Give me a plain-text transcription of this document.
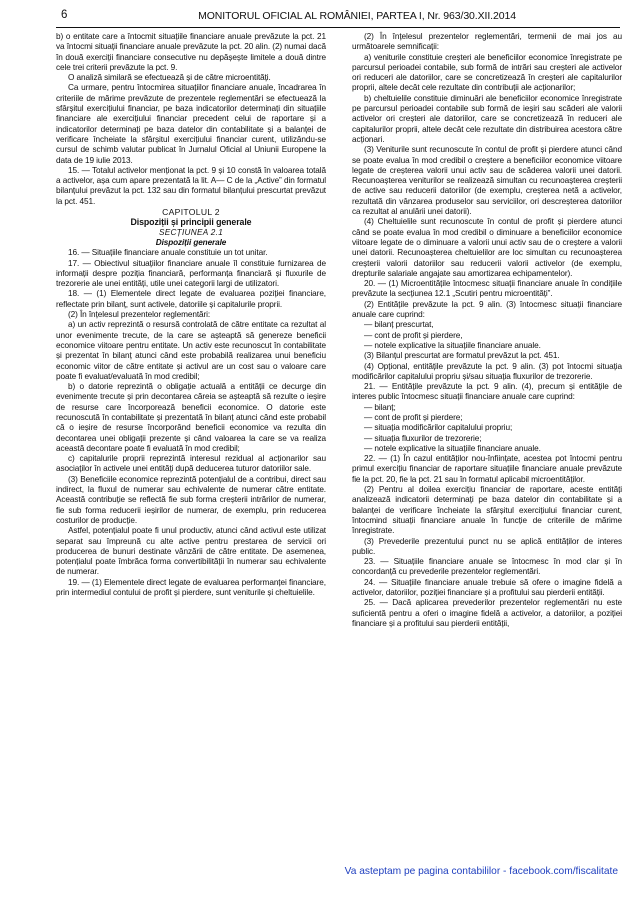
6	MONITORUL OFICIAL AL ROMÂNIEI, PARTEA I, Nr. 963/30.XII.2014

b) o entitate care a întocmit situațiile financiare anuale prevăzute la pct. 21 va întocmi situații financiare anuale prevăzute la pct. 20 alin. (2) numai dacă în două exerciții financiare consecutive nu depășește limitele a două dintre cele trei criterii prevăzute la pct. 9.

O analiză similară se efectuează și de către microentități.

Ca urmare, pentru întocmirea situațiilor financiare anuale, încadrarea în criteriile de mărime prevăzute de prezentele reglementări se efectuează la sfârșitul exercițiului financiar, pe baza indicatorilor determinați din situațiile financiare ale exercițiului financiar precedent celui de raportare și a indicatorilor determinați pe baza datelor din contabilitate și a balanței de verificare încheiate la sfârșitul exercițiului financiar curent, utilizându-se cursul de schimb valutar publicat în Jurnalul Oficial al Uniunii Europene la data de 19 iulie 2013.

15. — Totalul activelor menționat la pct. 9 și 10 constă în valoarea totală a activelor, așa cum apare prezentată la lit. A— C de la „Active” din formatul bilanțului prevăzut la pct. 132 sau din formatul bilanțului prescurtat prevăzut la pct. 451.

CAPITOLUL 2

Dispoziții și principii generale

SECȚIUNEA 2.1

Dispoziții generale

16. — Situațiile financiare anuale constituie un tot unitar.

17. — Obiectivul situațiilor financiare anuale îl constituie furnizarea de informații despre poziția financiară, performanța financiară și fluxurile de trezorerie ale unei entități, utile unei categorii largi de utilizatori.

18. — (1) Elementele direct legate de evaluarea poziției financiare, reflectate prin bilanț, sunt activele, datoriile și capitalurile proprii.

(2) În înțelesul prezentelor reglementări:

a) un activ reprezintă o resursă controlată de către entitate ca rezultat al unor evenimente trecute, de la care se așteaptă să genereze beneficii economice viitoare pentru entitate. Un activ este recunoscut în contabilitate și prezentat în bilanț atunci când este probabilă realizarea unui beneficiu economic viitor de către entitate și activul are un cost sau o valoare care poate fi evaluat/evaluată în mod credibil;

b) o datorie reprezintă o obligație actuală a entității ce decurge din evenimente trecute și prin decontarea căreia se așteaptă să rezulte o ieșire de resurse care încorporează beneficii economice. O datorie este recunoscută în contabilitate și prezentată în bilanț atunci când este probabil că o ieșire de resurse încorporând beneficii economice va rezulta din decontarea unei obligații prezente și când valoarea la care se va realiza această decontare poate fi evaluată în mod credibil;

c) capitalurile proprii reprezintă interesul rezidual al acționarilor sau asociaților în activele unei entități după deducerea tuturor datoriilor sale.

(3) Beneficiile economice reprezintă potențialul de a contribui, direct sau indirect, la fluxul de numerar sau echivalente de numerar către entitate. Această contribuție se reflectă fie sub forma creșterii intrărilor de numerar, fie sub forma reducerii ieșirilor de numerar, de exemplu, prin reducerea costurilor de producție.

Astfel, potențialul poate fi unul productiv, atunci când activul este utilizat separat sau împreună cu alte active pentru prestarea de servicii ori producerea de bunuri destinate vânzării de către entitate. De asemenea, potențialul poate îmbrăca forma convertibilității în numerar sau echivalente de numerar.

19. — (1) Elementele direct legate de evaluarea performanței financiare, prin intermediul contului de profit și pierdere, sunt veniturile și cheltuielile.

(2) În înțelesul prezentelor reglementări, termenii de mai jos au următoarele semnificații:

a) veniturile constituie creșteri ale beneficiilor economice înregistrate pe parcursul perioadei contabile, sub formă de intrări sau creșteri ale activelor ori reduceri ale datoriilor, care se concretizează în creșteri ale capitalurilor proprii, altele decât cele rezultate din contribuții ale acționarilor;

b) cheltuielile constituie diminuări ale beneficiilor economice înregistrate pe parcursul perioadei contabile sub formă de ieșiri sau scăderi ale valorii activelor ori creșteri ale datoriilor, care se concretizează în reduceri ale capitalurilor proprii, altele decât cele rezultate din distribuirea acestora către acționari.

(3) Veniturile sunt recunoscute în contul de profit și pierdere atunci când se poate evalua în mod credibil o creștere a beneficiilor economice viitoare legate de creșterea valorii unui activ sau de scăderea valorii unei datorii. Recunoașterea veniturilor se realizează simultan cu recunoașterea creșterii de active sau reducerii datoriilor (de exemplu, creșterea netă a activelor, rezultată din vânzarea produselor sau serviciilor, ori descreșterea datoriilor ca rezultat al anulării unei datorii).

(4) Cheltuielile sunt recunoscute în contul de profit și pierdere atunci când se poate evalua în mod credibil o diminuare a beneficiilor economice viitoare legate de o diminuare a valorii unui activ sau de o creștere a valorii unei datorii. Recunoașterea cheltuielilor are loc simultan cu recunoașterea creșterii valorii datoriilor sau reducerii valorii activelor (de exemplu, drepturile salariale angajate sau amortizarea echipamentelor).

20. — (1) Microentitățile întocmesc situații financiare anuale în condițiile prevăzute la secțiunea 12.1 „Scutiri pentru microentități”.

(2) Entitățile prevăzute la pct. 9 alin. (3) întocmesc situații financiare anuale care cuprind:

— bilanț prescurtat,

— cont de profit și pierdere,

— notele explicative la situațiile financiare anuale.

(3) Bilanțul prescurtat are formatul prevăzut la pct. 451.

(4) Opțional, entitățile prevăzute la pct. 9 alin. (3) pot întocmi situația modificărilor capitalului propriu și/sau situația fluxurilor de trezorerie.

21. — Entitățile prevăzute la pct. 9 alin. (4), precum și entitățile de interes public întocmesc situații financiare anuale care cuprind:

— bilanț;

— cont de profit și pierdere;

— situația modificărilor capitalului propriu;

— situația fluxurilor de trezorerie;

— notele explicative la situațiile financiare anuale.

22. — (1) În cazul entităților nou-înființate, acestea pot întocmi pentru primul exercițiu financiar de raportare situațiile financiare anuale prevăzute fie la pct. 20, fie la pct. 21 sau în formatul aplicabil microentităților.

(2) Pentru al doilea exercițiu financiar de raportare, aceste entități analizează indicatorii determinați pe baza datelor din contabilitate și a balanței de verificare încheiate la sfârșitul exercițiului financiar curent, întocmind situații financiare anuale în funcție de criteriile de mărime înregistrate.

(3) Prevederile prezentului punct nu se aplică entităților de interes public.

23. — Situațiile financiare anuale se întocmesc în mod clar și în concordanță cu prevederile prezentelor reglementări.

24. — Situațiile financiare anuale trebuie să ofere o imagine fidelă a activelor, datoriilor, poziției financiare și a profitului sau pierderii entității.

25. — Dacă aplicarea prevederilor prezentelor reglementări nu este suficientă pentru a oferi o imagine fidelă a activelor, a datoriilor, a poziției financiare și a profitului sau pierderii entității,

Va asteptam pe pagina contabililor - facebook.com/fiscalitate
